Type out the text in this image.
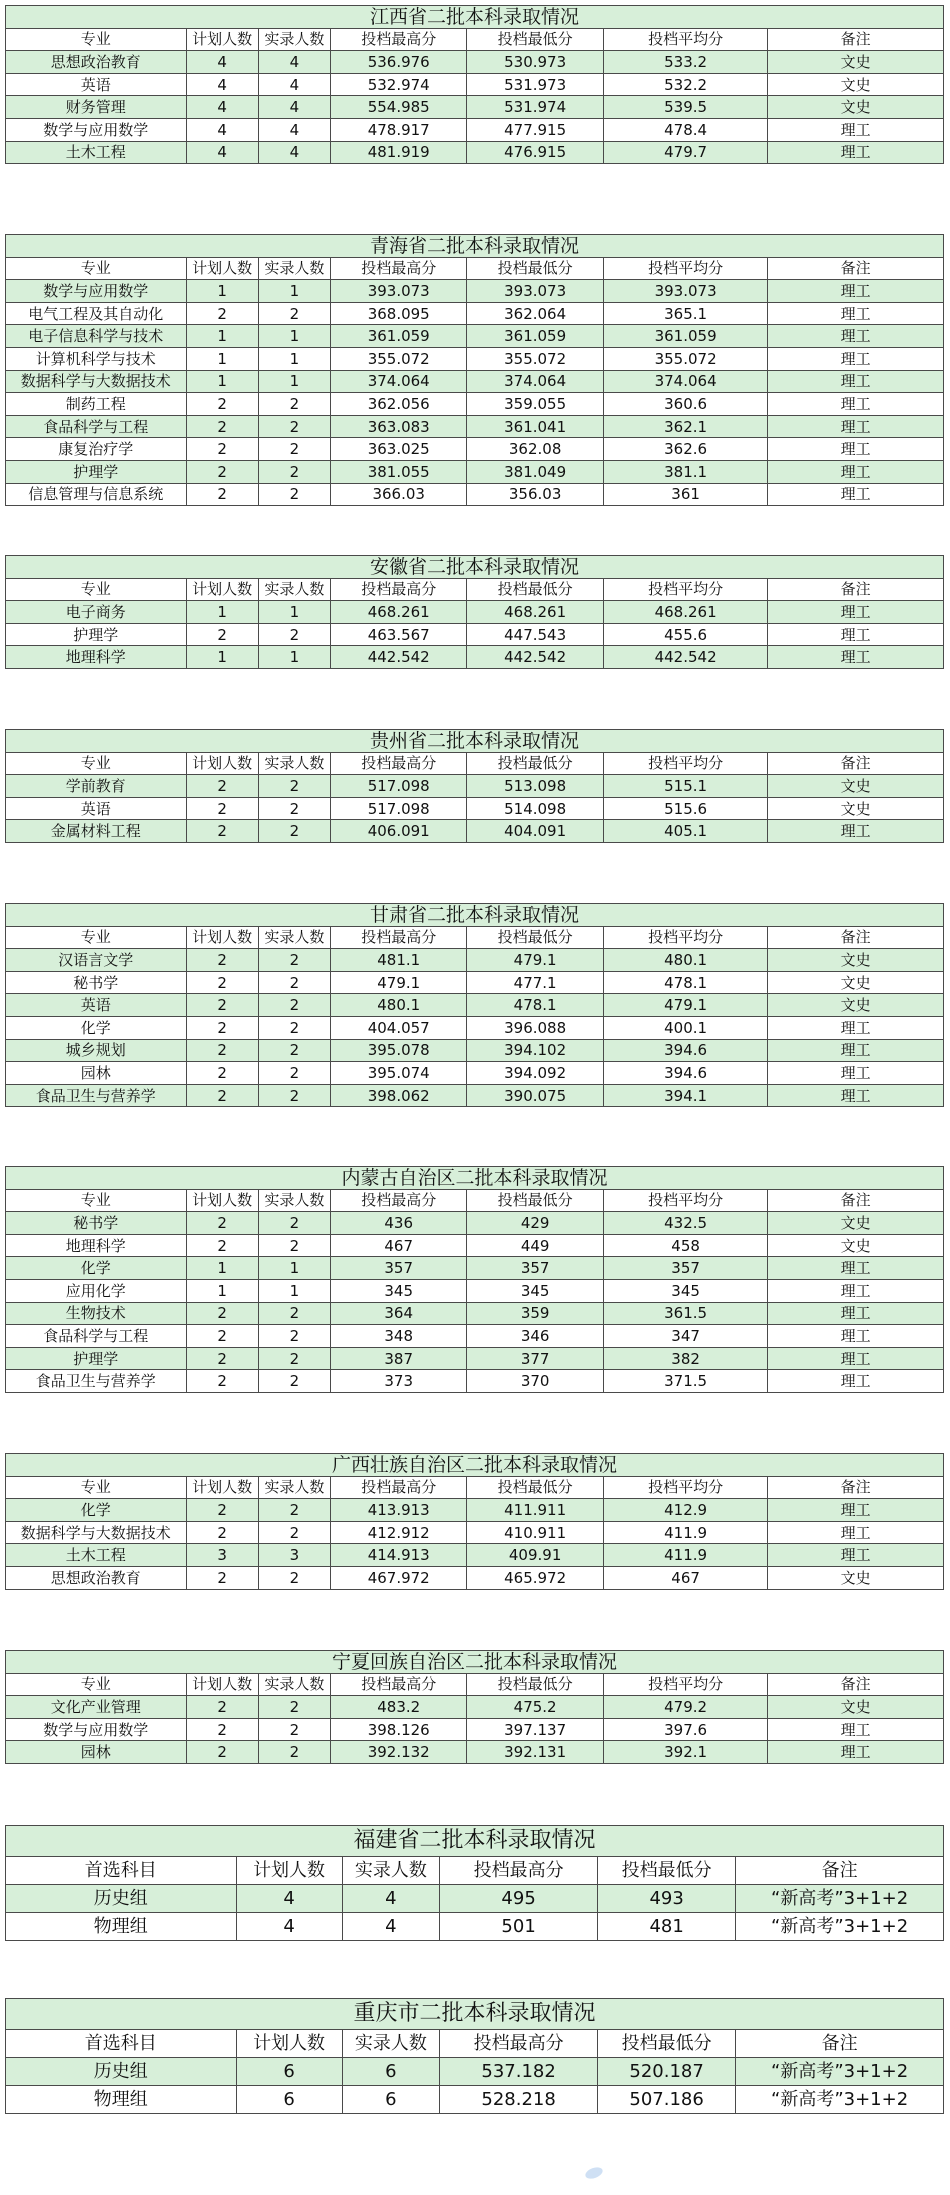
江西省二批本科录取情况						
专业	计划人数	实录人数	投档最高分	投档最低分	投档平均分	备注
思想政治教育	4	4	536.976	530.973	533.2	文史
英语	4	4	532.974	531.973	532.2	文史
财务管理	4	4	554.985	531.974	539.5	文史
数学与应用数学	4	4	478.917	477.915	478.4	理工
土木工程	4	4	481.919	476.915	479.7	理工
青海省二批本科录取情况						
专业	计划人数	实录人数	投档最高分	投档最低分	投档平均分	备注
数学与应用数学	1	1	393.073	393.073	393.073	理工
电气工程及其自动化	2	2	368.095	362.064	365.1	理工
电子信息科学与技术	1	1	361.059	361.059	361.059	理工
计算机科学与技术	1	1	355.072	355.072	355.072	理工
数据科学与大数据技术	1	1	374.064	374.064	374.064	理工
制药工程	2	2	362.056	359.055	360.6	理工
食品科学与工程	2	2	363.083	361.041	362.1	理工
康复治疗学	2	2	363.025	362.08	362.6	理工
护理学	2	2	381.055	381.049	381.1	理工
信息管理与信息系统	2	2	366.03	356.03	361	理工
安徽省二批本科录取情况						
专业	计划人数	实录人数	投档最高分	投档最低分	投档平均分	备注
电子商务	1	1	468.261	468.261	468.261	理工
护理学	2	2	463.567	447.543	455.6	理工
地理科学	1	1	442.542	442.542	442.542	理工
贵州省二批本科录取情况						
专业	计划人数	实录人数	投档最高分	投档最低分	投档平均分	备注
学前教育	2	2	517.098	513.098	515.1	文史
英语	2	2	517.098	514.098	515.6	文史
金属材料工程	2	2	406.091	404.091	405.1	理工
甘肃省二批本科录取情况						
专业	计划人数	实录人数	投档最高分	投档最低分	投档平均分	备注
汉语言文学	2	2	481.1	479.1	480.1	文史
秘书学	2	2	479.1	477.1	478.1	文史
英语	2	2	480.1	478.1	479.1	文史
化学	2	2	404.057	396.088	400.1	理工
城乡规划	2	2	395.078	394.102	394.6	理工
园林	2	2	395.074	394.092	394.6	理工
食品卫生与营养学	2	2	398.062	390.075	394.1	理工
内蒙古自治区二批本科录取情况						
专业	计划人数	实录人数	投档最高分	投档最低分	投档平均分	备注
秘书学	2	2	436	429	432.5	文史
地理科学	2	2	467	449	458	文史
化学	1	1	357	357	357	理工
应用化学	1	1	345	345	345	理工
生物技术	2	2	364	359	361.5	理工
食品科学与工程	2	2	348	346	347	理工
护理学	2	2	387	377	382	理工
食品卫生与营养学	2	2	373	370	371.5	理工
广西壮族自治区二批本科录取情况						
专业	计划人数	实录人数	投档最高分	投档最低分	投档平均分	备注
化学	2	2	413.913	411.911	412.9	理工
数据科学与大数据技术	2	2	412.912	410.911	411.9	理工
土木工程	3	3	414.913	409.91	411.9	理工
思想政治教育	2	2	467.972	465.972	467	文史
宁夏回族自治区二批本科录取情况						
专业	计划人数	实录人数	投档最高分	投档最低分	投档平均分	备注
文化产业管理	2	2	483.2	475.2	479.2	文史
数学与应用数学	2	2	398.126	397.137	397.6	理工
园林	2	2	392.132	392.131	392.1	理工
福建省二批本科录取情况					
首选科目	计划人数	实录人数	投档最高分	投档最低分	备注
历史组	4	4	495	493	“新高考”3+1+2
物理组	4	4	501	481	“新高考”3+1+2
重庆市二批本科录取情况					
首选科目	计划人数	实录人数	投档最高分	投档最低分	备注
历史组	6	6	537.182	520.187	“新高考”3+1+2
物理组	6	6	528.218	507.186	“新高考”3+1+2
